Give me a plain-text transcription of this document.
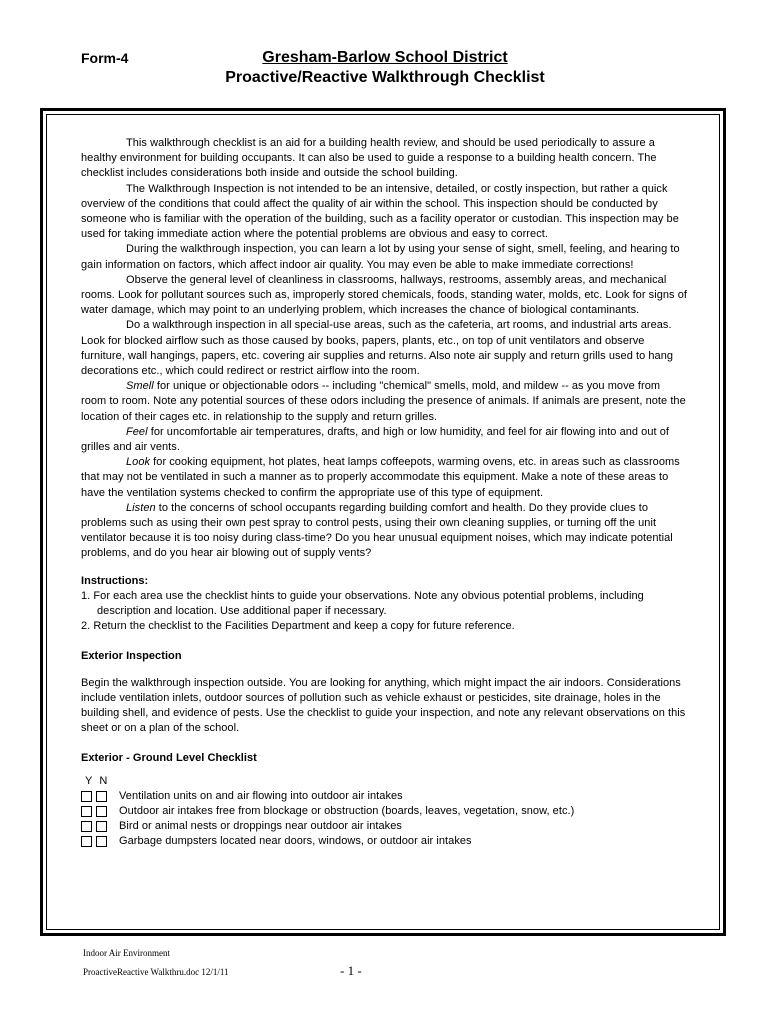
Form-4	Gresham-Barlow School District
Proactive/Reactive Walkthrough Checklist

This walkthrough checklist is an aid for a building health review, and should be used periodically to assure a healthy environment for building occupants. It can also be used to guide a response to a building health concern. The checklist includes considerations both inside and outside the school building.

The Walkthrough Inspection is not intended to be an intensive, detailed, or costly inspection, but rather a quick overview of the conditions that could affect the quality of air within the school. This inspection should be conducted by someone who is familiar with the operation of the building, such as a facility operator or custodian. This inspection may be used for taking immediate action where the potential problems are obvious and easy to correct.

During the walkthrough inspection, you can learn a lot by using your sense of sight, smell, feeling, and hearing to gain information on factors, which affect indoor air quality. You may even be able to make immediate corrections!

Observe the general level of cleanliness in classrooms, hallways, restrooms, assembly areas, and mechanical rooms. Look for pollutant sources such as, improperly stored chemicals, foods, standing water, molds, etc. Look for signs of water damage, which may point to an underlying problem, which increases the chance of biological contaminants.

Do a walkthrough inspection in all special-use areas, such as the cafeteria, art rooms, and industrial arts areas. Look for blocked airflow such as those caused by books, papers, plants, etc., on top of unit ventilators and observe furniture, wall hangings, papers, etc. covering air supplies and returns. Also note air supply and return grills used to hang decorations etc., which could redirect or restrict airflow into the room.

Smell for unique or objectionable odors -- including "chemical" smells, mold, and mildew -- as you move from room to room. Note any potential sources of these odors including the presence of animals. If animals are present, note the location of their cages etc. in relationship to the supply and return grilles.

Feel for uncomfortable air temperatures, drafts, and high or low humidity, and feel for air flowing into and out of grilles and air vents.

Look for cooking equipment, hot plates, heat lamps coffeepots, warming ovens, etc. in areas such as classrooms that may not be ventilated in such a manner as to properly accommodate this equipment. Make a note of these areas to have the ventilation systems checked to confirm the appropriate use of this type of equipment.

Listen to the concerns of school occupants regarding building comfort and health. Do they provide clues to problems such as using their own pest spray to control pests, using their own cleaning supplies, or turning off the unit ventilator because it is too noisy during class-time? Do you hear unusual equipment noises, which may indicate potential problems, and do you hear air blowing out of supply vents?

Instructions:

1. For each area use the checklist hints to guide your observations. Note any obvious potential problems, including description and location. Use additional paper if necessary.

2. Return the checklist to the Facilities Department and keep a copy for future reference.

Exterior Inspection

Begin the walkthrough inspection outside. You are looking for anything, which might impact the air indoors. Considerations include ventilation inlets, outdoor sources of pollution such as vehicle exhaust or pesticides, site drainage, holes in the building shell, and evidence of pests. Use the checklist to guide your inspection, and note any relevant observations on this sheet or on a plan of the school.

Exterior - Ground Level Checklist

Y N
Ventilation units on and air flowing into outdoor air intakes
Outdoor air intakes free from blockage or obstruction (boards, leaves, vegetation, snow, etc.)
Bird or animal nests or droppings near outdoor air intakes
Garbage dumpsters located near doors, windows, or outdoor air intakes
Indoor Air Environment
ProactiveReactive Walkthru.doc 12/1/11	- 1 -
